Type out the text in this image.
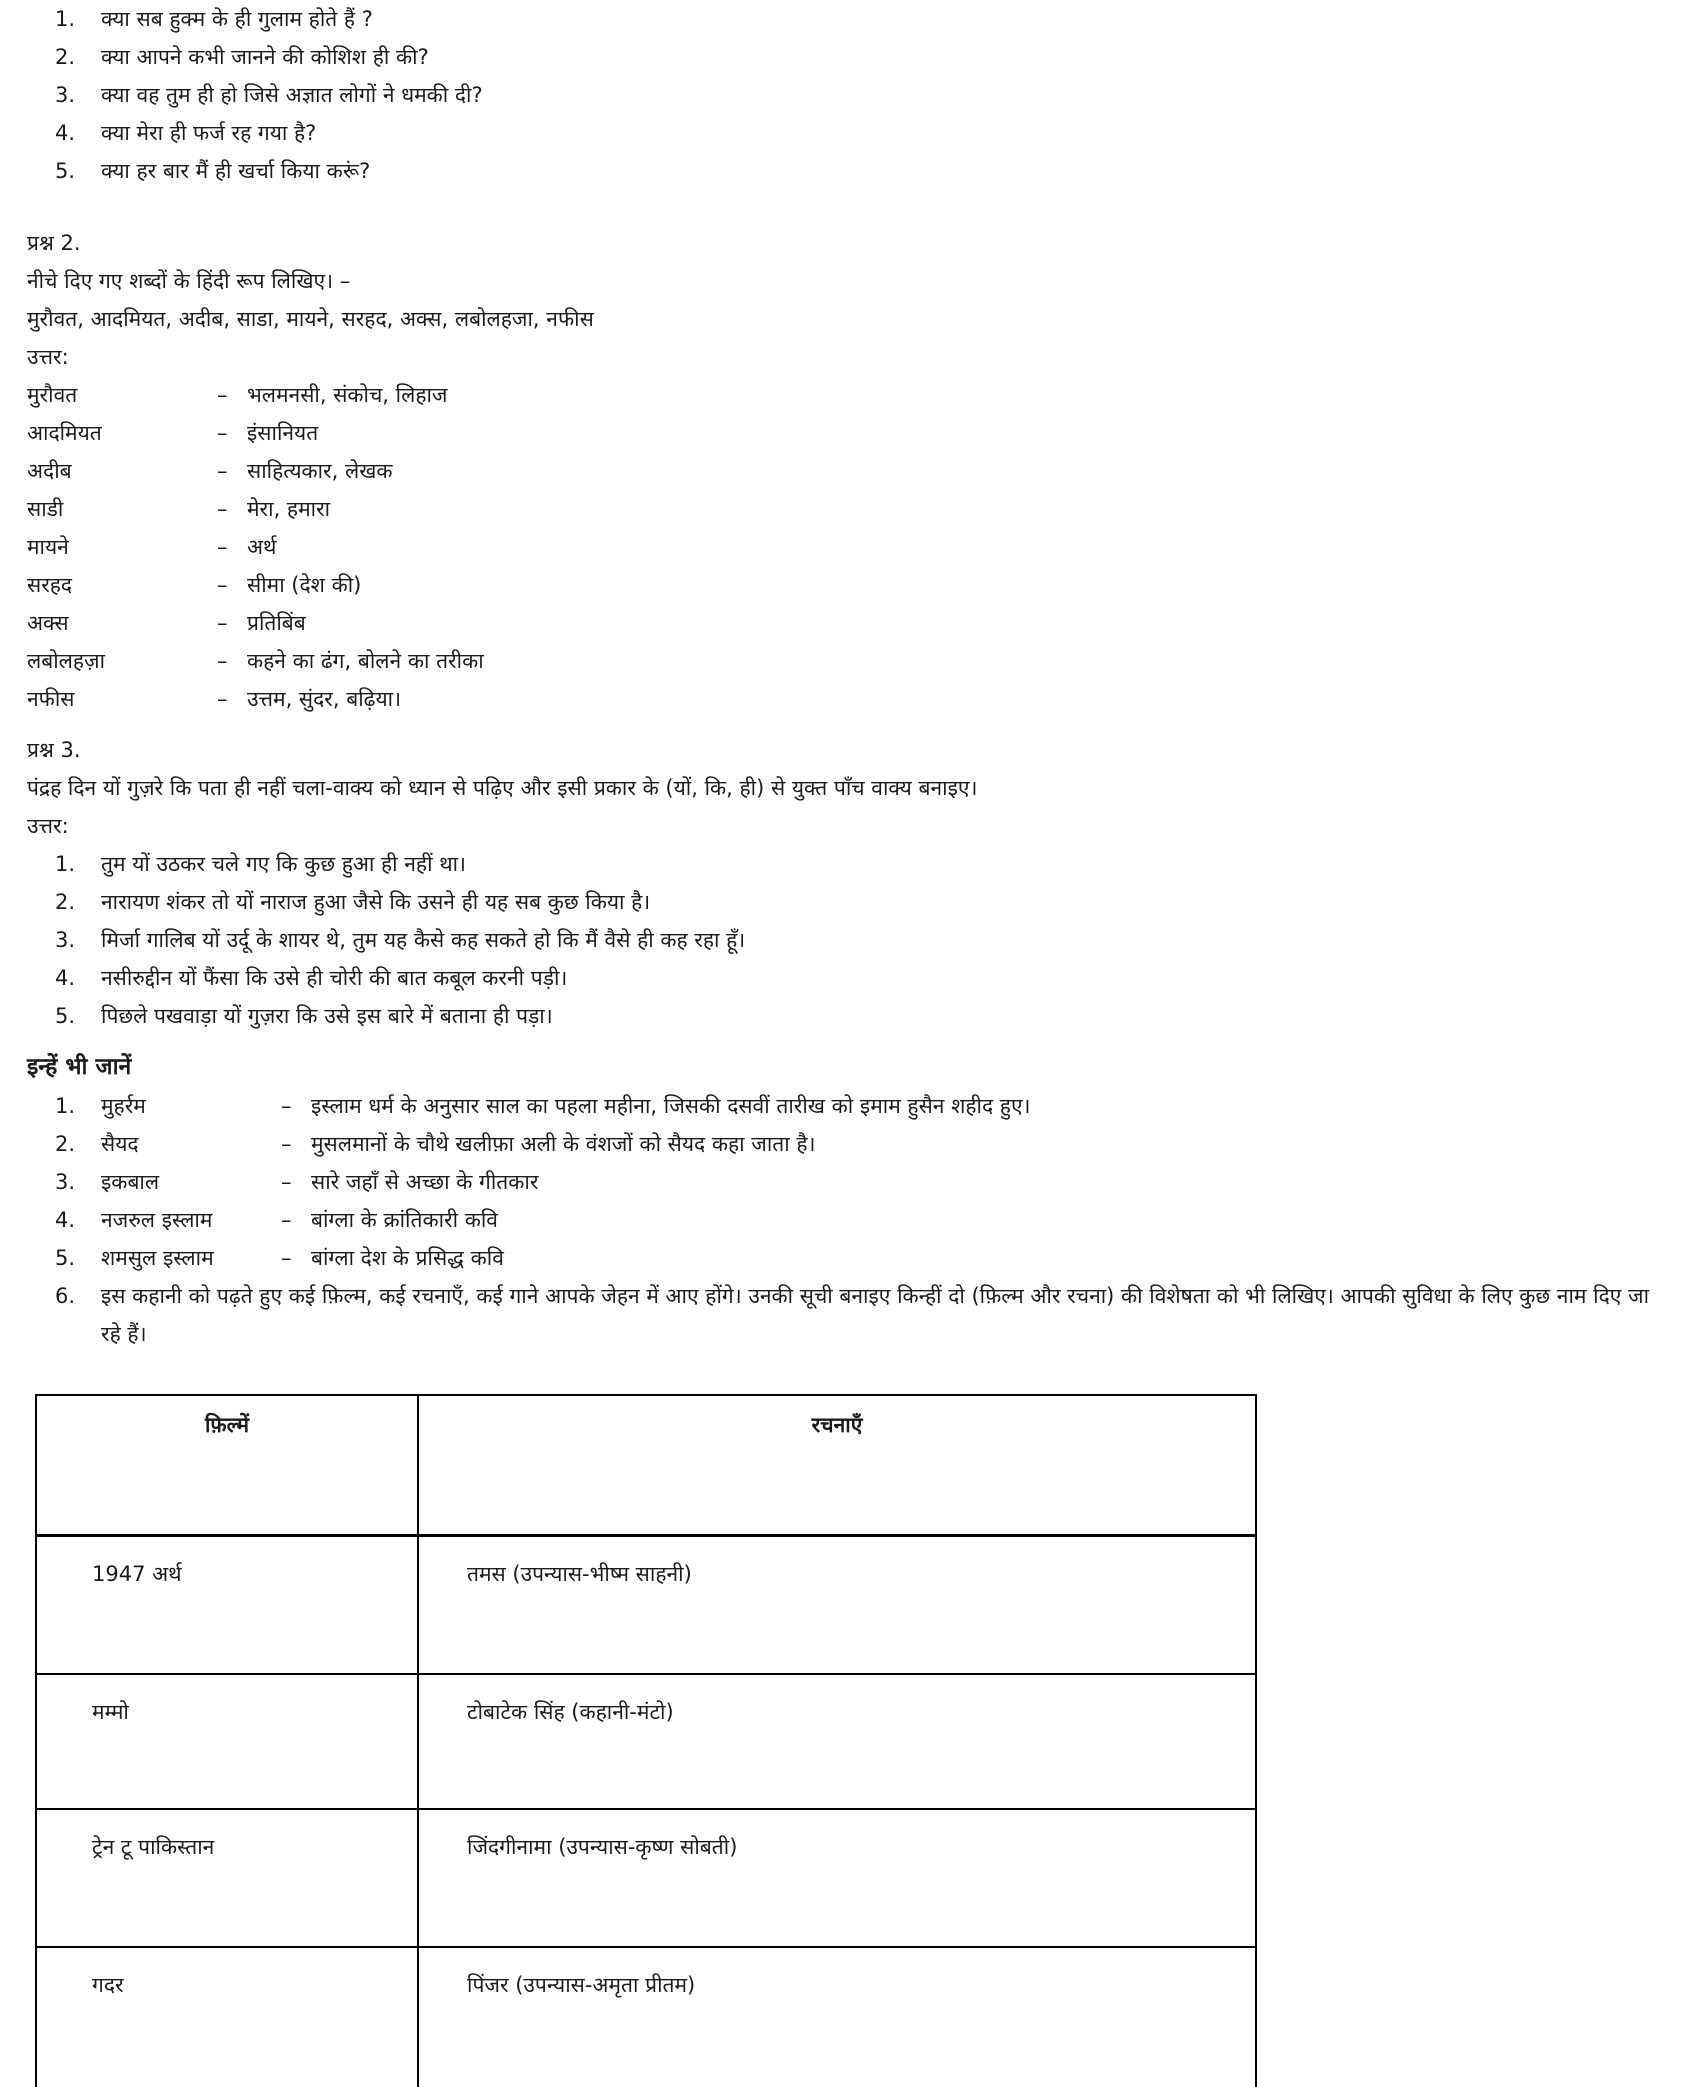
1.	क्या सब हुक्म के ही गुलाम होते हैं ?
2.	क्या आपने कभी जानने की कोशिश ही की?
3.	क्या वह तुम ही हो जिसे अज्ञात लोगों ने धमकी दी?
4.	क्या मेरा ही फर्ज रह गया है?
5.	क्या हर बार मैं ही खर्चा किया करूं?
प्रश्न 2.
नीचे दिए गए शब्दों के हिंदी रूप लिखिए। –
मुरौवत, आदमियत, अदीब, साडा, मायने, सरहद, अक्स, लबोलहजा, नफीस
उत्तर:
मुरौवत	– भलमनसी, संकोच, लिहाज
आदमियत	– इंसानियत
अदीब	– साहित्यकार, लेखक
साडी	– मेरा, हमारा
मायने	– अर्थ
सरहद	– सीमा (देश की)
अक्स	– प्रतिबिंब
लबोलहज़ा	– कहने का ढंग, बोलने का तरीका
नफीस	– उत्तम, सुंदर, बढ़िया।
प्रश्न 3.
पंद्रह दिन यों गुज़रे कि पता ही नहीं चला-वाक्य को ध्यान से पढ़िए और इसी प्रकार के (यों, कि, ही) से युक्त पाँच वाक्य बनाइए।
उत्तर:
1.	तुम यों उठकर चले गए कि कुछ हुआ ही नहीं था।
2.	नारायण शंकर तो यों नाराज हुआ जैसे कि उसने ही यह सब कुछ किया है।
3.	मिर्जा गालिब यों उर्दू के शायर थे, तुम यह कैसे कह सकते हो कि मैं वैसे ही कह रहा हूँ।
4.	नसीरुद्दीन यों फैंसा कि उसे ही चोरी की बात कबूल करनी पड़ी।
5.	पिछले पखवाड़ा यों गुज़रा कि उसे इस बारे में बताना ही पड़ा।
इन्हें भी जानें
1.	मुहर्रम	– इस्लाम धर्म के अनुसार साल का पहला महीना, जिसकी दसवीं तारीख को इमाम हुसैन शहीद हुए।
2.	सैयद	– मुसलमानों के चौथे खलीफ़ा अली के वंशजों को सैयद कहा जाता है।
3.	इकबाल	– सारे जहाँ से अच्छा के गीतकार
4.	नजरुल इस्लाम	– बांग्ला के क्रांतिकारी कवि
5.	शमसुल इस्लाम	– बांग्ला देश के प्रसिद्ध कवि
6.	इस कहानी को पढ़ते हुए कई फ़िल्म, कई रचनाएँ, कई गाने आपके जेहन में आए होंगे। उनकी सूची बनाइए किन्हीं दो (फ़िल्म और रचना) की विशेषता को भी लिखिए। आपकी सुविधा के लिए कुछ नाम दिए जा रहे हैं।
फ़िल्में	रचनाएँ
1947 अर्थ	तमस (उपन्यास-भीष्म साहनी)
मम्मो	टोबाटेक सिंह (कहानी-मंटो)
ट्रेन टू पाकिस्तान	जिंदगीनामा (उपन्यास-कृष्ण सोबती)
गदर	पिंजर (उपन्यास-अमृता प्रीतम)
